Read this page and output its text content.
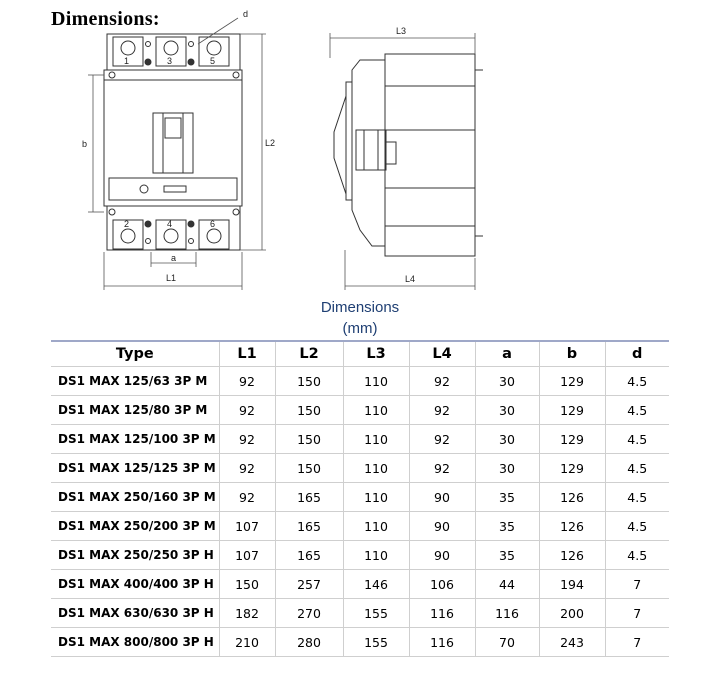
Dimensions:	d
b	L2
a
L1
1	3	5
2	4	6
L3
L4
Dimensions
(mm)
Type	L1	L2	L3	L4	a	b	d
DS1 MAX 125/63 3P M	92	150	110	92	30	129	4.5
DS1 MAX 125/80 3P M	92	150	110	92	30	129	4.5
DS1 MAX 125/100 3P M	92	150	110	92	30	129	4.5
DS1 MAX 125/125 3P M	92	150	110	92	30	129	4.5
DS1 MAX 250/160 3P M	92	165	110	90	35	126	4.5
DS1 MAX 250/200 3P M	107	165	110	90	35	126	4.5
DS1 MAX 250/250 3P H	107	165	110	90	35	126	4.5
DS1 MAX 400/400 3P H	150	257	146	106	44	194	7
DS1 MAX 630/630 3P H	182	270	155	116	116	200	7
DS1 MAX 800/800 3P H	210	280	155	116	70	243	7
